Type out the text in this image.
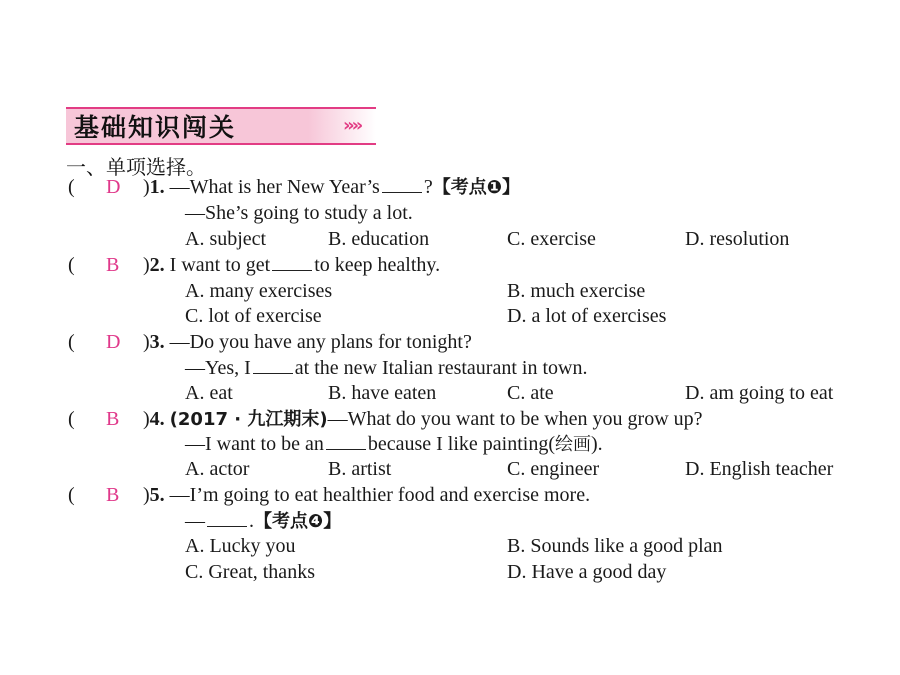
基础知识闯关	»»
一、单项选择。
( D )1. —What is her New Year’s ?【考点❶】
—She’s going to study a lot.
A. subject	B. education	C. exercise	D. resolution
( B )2. I want to get to keep healthy.
A. many exercises	B. much exercise
C. lot of exercise	D. a lot of exercises
( D )3. —Do you have any plans for tonight?
—Yes, I at the new Italian restaurant in town.
A. eat	B. have eaten	C. ate	D. am going to eat
( B )4. (2017 · 九江期末)—What do you want to be when you grow up?
—I want to be an because I like painting(绘画).
A. actor	B. artist	C. engineer	D. English teacher
( B )5. —I’m going to eat healthier food and exercise more.
— .【考点❹】
A. Lucky you	B. Sounds like a good plan
C. Great, thanks	D. Have a good day
